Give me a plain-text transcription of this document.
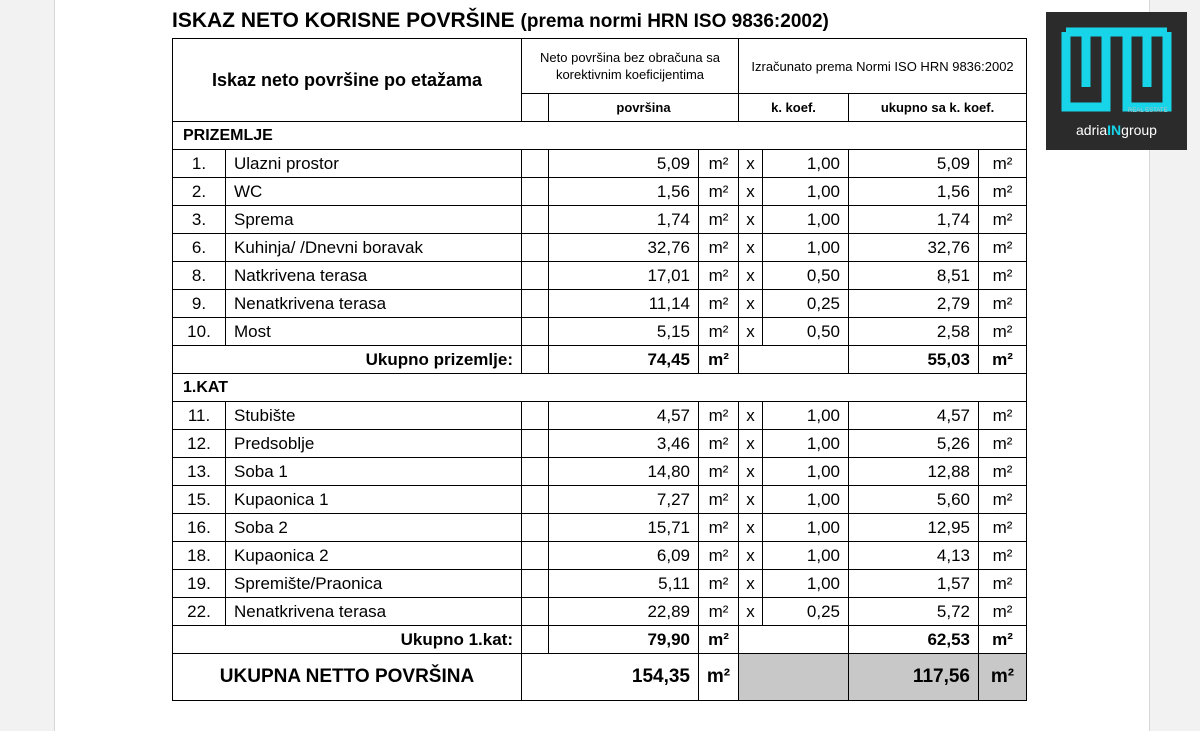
ISKAZ NETO KORISNE POVRŠINE (prema normi HRN ISO 9836:2002)
Iskaz neto površine po etažama		Neto površina bez obračuna sa korektivnim koeficijentima			Izračunato prema Normi ISO HRN 9836:2002			
			površina		k. koef.		ukupno sa k. koef.	
PRIZEMLJE								
1.	Ulazni prostor		5,09	m²	x	1,00	5,09	m²
2.	WC		1,56	m²	x	1,00	1,56	m²
3.	Sprema		1,74	m²	x	1,00	1,74	m²
6.	Kuhinja/ /Dnevni boravak		32,76	m²	x	1,00	32,76	m²
8.	Natkrivena terasa		17,01	m²	x	0,50	8,51	m²
9.	Nenatkrivena terasa		11,14	m²	x	0,25	2,79	m²
10.	Most		5,15	m²	x	0,50	2,58	m²
Ukupno prizemlje:			74,45	m²			55,03	m²
1.KAT								
11.	Stubište		4,57	m²	x	1,00	4,57	m²
12.	Predsoblje		3,46	m²	x	1,00	5,26	m²
13.	Soba 1		14,80	m²	x	1,00	12,88	m²
15.	Kupaonica 1		7,27	m²	x	1,00	5,60	m²
16.	Soba 2		15,71	m²	x	1,00	12,95	m²
18.	Kupaonica 2		6,09	m²	x	1,00	4,13	m²
19.	Spremište/Praonica		5,11	m²	x	1,00	1,57	m²
22.	Nenatkrivena terasa		22,89	m²	x	0,25	5,72	m²
Ukupno 1.kat:			79,90	m²			62,53	m²
UKUPNA NETTO POVRŠINA		154,35		m²			117,56	m²
REAL ESTATE
adriaINgroup
